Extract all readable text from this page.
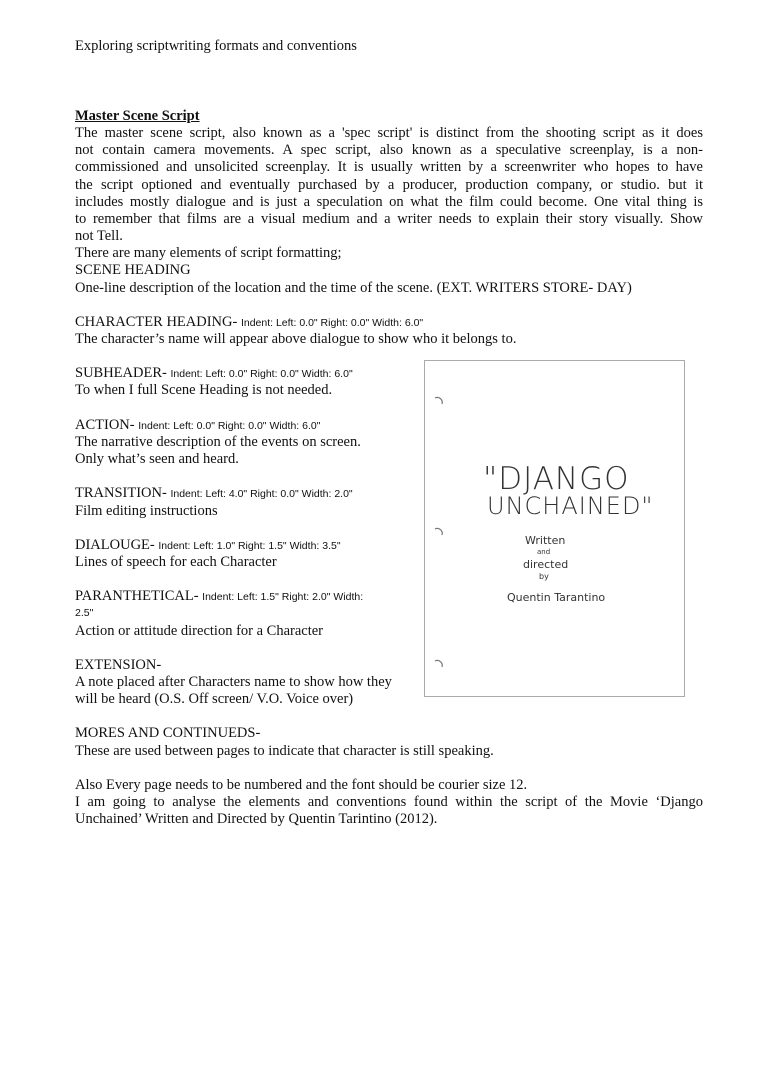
Exploring scriptwriting formats and conventions
Master Scene Script
The master scene script, also known as a 'spec script' is distinct from the shooting script as it does
not contain camera movements. A spec script, also known as a speculative screenplay, is a non-
commissioned and unsolicited screenplay. It is usually written by a screenwriter who hopes to have
the script optioned and eventually purchased by a producer, production company, or studio. but it
includes mostly dialogue and is just a speculation on what the film could become. One vital thing is
to remember that films are a visual medium and a writer needs to explain their story visually. Show
not Tell.
There are many elements of script formatting;
SCENE HEADING
One-line description of the location and the time of the scene. (EXT. WRITERS STORE- DAY)
CHARACTER HEADING- Indent: Left: 0.0" Right: 0.0" Width: 6.0"
The character’s name will appear above dialogue to show who it belongs to.
SUBHEADER- Indent: Left: 0.0" Right: 0.0" Width: 6.0"
To when I full Scene Heading is not needed.
ACTION- Indent: Left: 0.0" Right: 0.0" Width: 6.0"
The narrative description of the events on screen.
Only what’s seen and heard.
TRANSITION- Indent: Left: 4.0" Right: 0.0" Width: 2.0"
Film editing instructions
DIALOUGE- Indent: Left: 1.0" Right: 1.5" Width: 3.5"
Lines of speech for each Character
PARANTHETICAL- Indent: Left: 1.5" Right: 2.0" Width:
2.5"
Action or attitude direction for a Character
EXTENSION-
A note placed after Characters name to show how they
will be heard (O.S. Off screen/ V.O. Voice over)
MORES AND CONTINUEDS-
These are used between pages to indicate that character is still speaking.
Also Every page needs to be numbered and the font should be courier size 12.
I am going to analyse the elements and conventions found within the script of the Movie ‘Django
Unchained’ Written and Directed by Quentin Tarintino (2012).
"DJANGO
UNCHAINED"
Written
and
directed
by
Quentin Tarantino
